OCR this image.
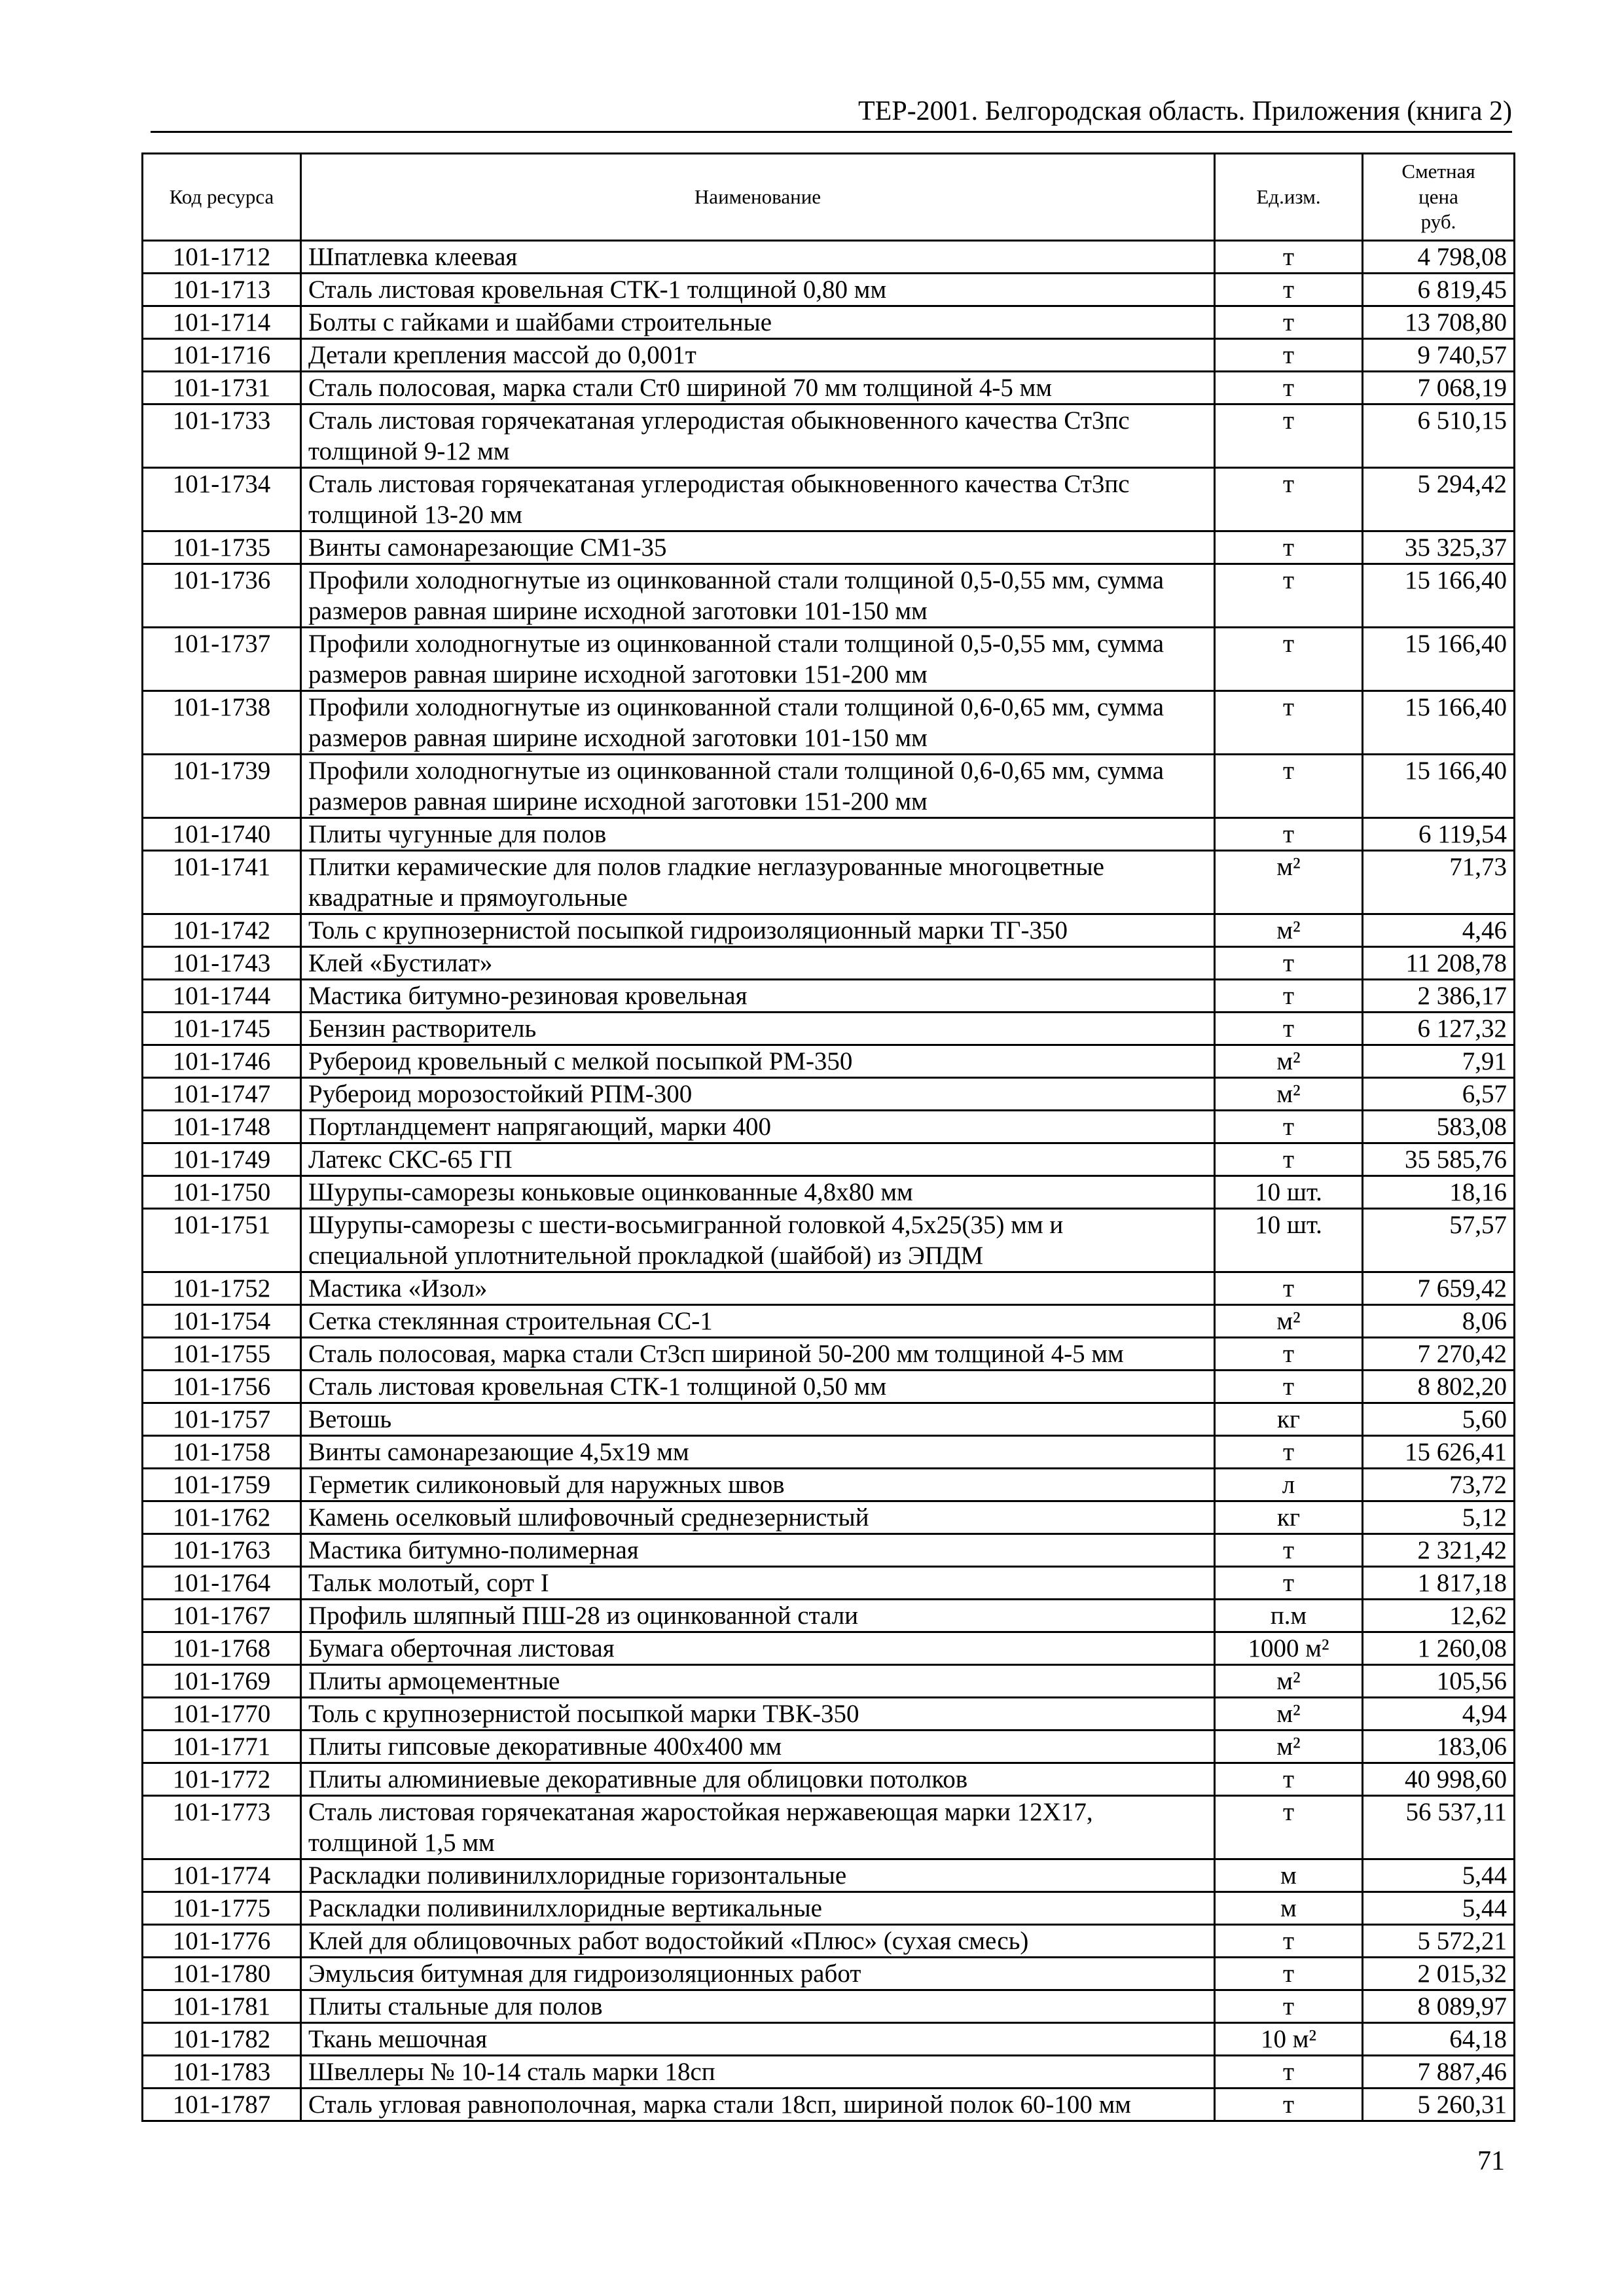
ТЕР-2001. Белгородская область. Приложения (книга 2)
Код ресурса	Наименование	Ед.изм.	Сметная
цена
руб.
101-1712	Шпатлевка клеевая	т	4 798,08
101-1713	Сталь листовая кровельная СТК-1 толщиной 0,80 мм	т	6 819,45
101-1714	Болты с гайками и шайбами строительные	т	13 708,80
101-1716	Детали крепления массой до 0,001т	т	9 740,57
101-1731	Сталь полосовая, марка стали Ст0 шириной 70 мм толщиной 4-5 мм	т	7 068,19
101-1733	Сталь листовая горячекатаная углеродистая обыкновенного качества Ст3пс толщиной 9-12 мм	т	6 510,15
101-1734	Сталь листовая горячекатаная углеродистая обыкновенного качества Ст3пс толщиной 13-20 мм	т	5 294,42
101-1735	Винты самонарезающие СМ1-35	т	35 325,37
101-1736	Профили холодногнутые из оцинкованной стали толщиной 0,5-0,55 мм, сумма размеров равная ширине исходной заготовки 101-150 мм	т	15 166,40
101-1737	Профили холодногнутые из оцинкованной стали толщиной 0,5-0,55 мм, сумма размеров равная ширине исходной заготовки 151-200 мм	т	15 166,40
101-1738	Профили холодногнутые из оцинкованной стали толщиной 0,6-0,65 мм, сумма размеров равная ширине исходной заготовки 101-150 мм	т	15 166,40
101-1739	Профили холодногнутые из оцинкованной стали толщиной 0,6-0,65 мм, сумма размеров равная ширине исходной заготовки 151-200 мм	т	15 166,40
101-1740	Плиты чугунные для полов	т	6 119,54
101-1741	Плитки керамические для полов гладкие неглазурованные многоцветные квадратные и прямоугольные	м²	71,73
101-1742	Толь с крупнозернистой посыпкой гидроизоляционный марки ТГ-350	м²	4,46
101-1743	Клей «Бустилат»	т	11 208,78
101-1744	Мастика битумно-резиновая кровельная	т	2 386,17
101-1745	Бензин растворитель	т	6 127,32
101-1746	Рубероид кровельный с мелкой посыпкой РМ-350	м²	7,91
101-1747	Рубероид морозостойкий РПМ-300	м²	6,57
101-1748	Портландцемент напрягающий, марки 400	т	583,08
101-1749	Латекс СКС-65 ГП	т	35 585,76
101-1750	Шурупы-саморезы коньковые оцинкованные 4,8х80 мм	10 шт.	18,16
101-1751	Шурупы-саморезы с шести-восьмигранной головкой 4,5х25(35) мм и специальной уплотнительной прокладкой (шайбой) из ЭПДМ	10 шт.	57,57
101-1752	Мастика «Изол»	т	7 659,42
101-1754	Сетка стеклянная строительная СС-1	м²	8,06
101-1755	Сталь полосовая, марка стали Ст3сп шириной 50-200 мм толщиной 4-5 мм	т	7 270,42
101-1756	Сталь листовая кровельная СТК-1 толщиной 0,50 мм	т	8 802,20
101-1757	Ветошь	кг	5,60
101-1758	Винты самонарезающие 4,5х19 мм	т	15 626,41
101-1759	Герметик силиконовый для наружных швов	л	73,72
101-1762	Камень оселковый шлифовочный среднезернистый	кг	5,12
101-1763	Мастика битумно-полимерная	т	2 321,42
101-1764	Тальк молотый, сорт I	т	1 817,18
101-1767	Профиль шляпный ПШ-28 из оцинкованной стали	п.м	12,62
101-1768	Бумага оберточная листовая	1000 м²	1 260,08
101-1769	Плиты армоцементные	м²	105,56
101-1770	Толь с крупнозернистой посыпкой марки ТВК-350	м²	4,94
101-1771	Плиты гипсовые декоративные 400х400 мм	м²	183,06
101-1772	Плиты алюминиевые декоративные для облицовки потолков	т	40 998,60
101-1773	Сталь листовая горячекатаная жаростойкая нержавеющая марки 12Х17, толщиной 1,5 мм	т	56 537,11
101-1774	Раскладки поливинилхлоридные горизонтальные	м	5,44
101-1775	Раскладки поливинилхлоридные вертикальные	м	5,44
101-1776	Клей для облицовочных работ водостойкий «Плюс» (сухая смесь)	т	5 572,21
101-1780	Эмульсия битумная для гидроизоляционных работ	т	2 015,32
101-1781	Плиты стальные для полов	т	8 089,97
101-1782	Ткань мешочная	10 м²	64,18
101-1783	Швеллеры № 10-14 сталь марки 18сп	т	7 887,46
101-1787	Сталь угловая равнополочная, марка стали 18сп, шириной полок 60-100 мм	т	5 260,31
71
